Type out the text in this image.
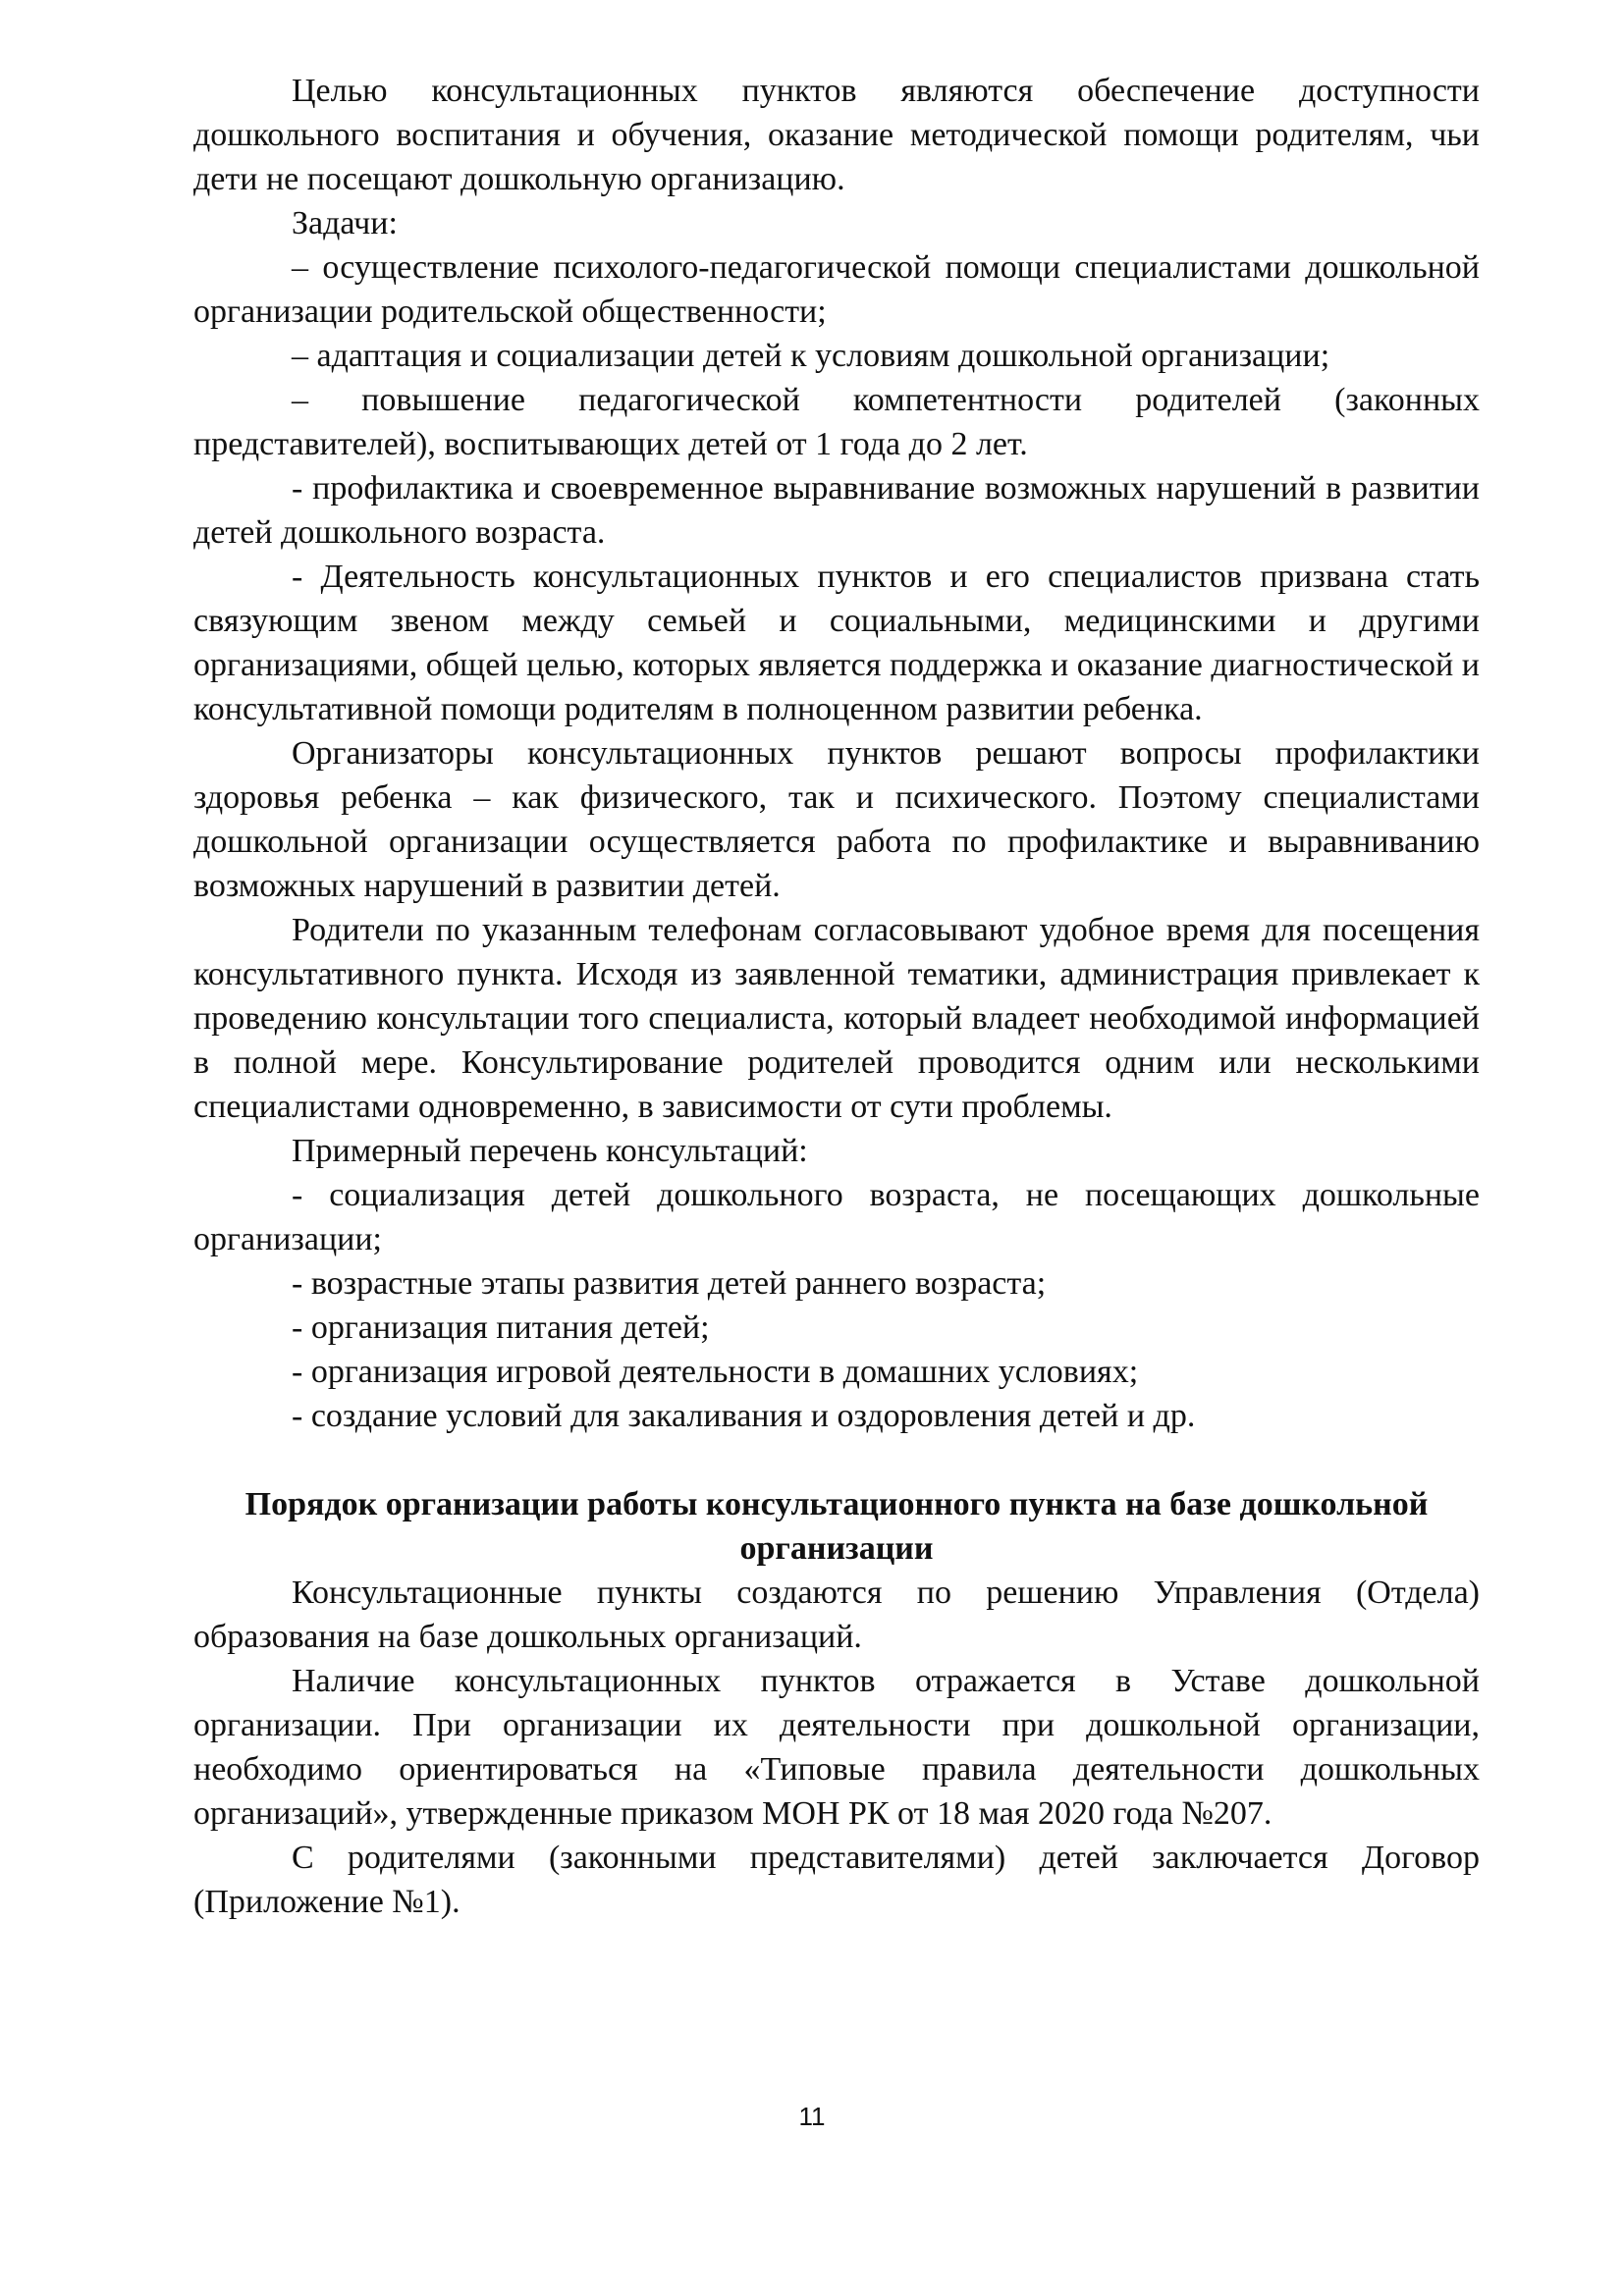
Целью консультационных пунктов являются обеспечение доступности дошкольного воспитания и обучения, оказание методической помощи родителям, чьи дети не посещают дошкольную организацию.

Задачи:

– осуществление психолого-педагогической помощи специалистами дошкольной организации родительской общественности;

– адаптация и социализации детей к условиям дошкольной организации;

– повышение педагогической компетентности родителей (законных представителей), воспитывающих детей от 1 года до 2 лет.

- профилактика и своевременное выравнивание возможных нарушений в развитии детей дошкольного возраста.

- Деятельность консультационных пунктов и его специалистов призвана стать связующим звеном между семьей и социальными, медицинскими и другими организациями, общей целью, которых является поддержка и оказание диагностической и консультативной помощи родителям в полноценном развитии ребенка.

Организаторы консультационных пунктов решают вопросы профилактики здоровья ребенка – как физического, так и психического. Поэтому специалистами дошкольной организации осуществляется работа по профилактике и выравниванию возможных нарушений в развитии детей.

Родители по указанным телефонам согласовывают удобное время для посещения консультативного пункта. Исходя из заявленной тематики, администрация привлекает к проведению консультации того специалиста, который владеет необходимой информацией в полной мере. Консультирование родителей проводится одним или несколькими специалистами одновременно, в зависимости от сути проблемы.

Примерный перечень консультаций:

- социализация детей дошкольного возраста, не посещающих дошкольные организации;

- возрастные этапы развития детей раннего возраста;

- организация питания детей;

- организация игровой деятельности в домашних условиях;

- создание условий для закаливания и оздоровления детей и др.

Порядок организации работы консультационного пункта на базе дошкольной организации

Консультационные пункты создаются по решению Управления (Отдела) образования на базе дошкольных организаций.

Наличие консультационных пунктов отражается в Уставе дошкольной организации. При организации их деятельности при дошкольной организации, необходимо ориентироваться на «Типовые правила деятельности дошкольных организаций», утвержденные приказом МОН РК от 18 мая 2020 года №207.

С родителями (законными представителями) детей заключается Договор (Приложение №1).

11
